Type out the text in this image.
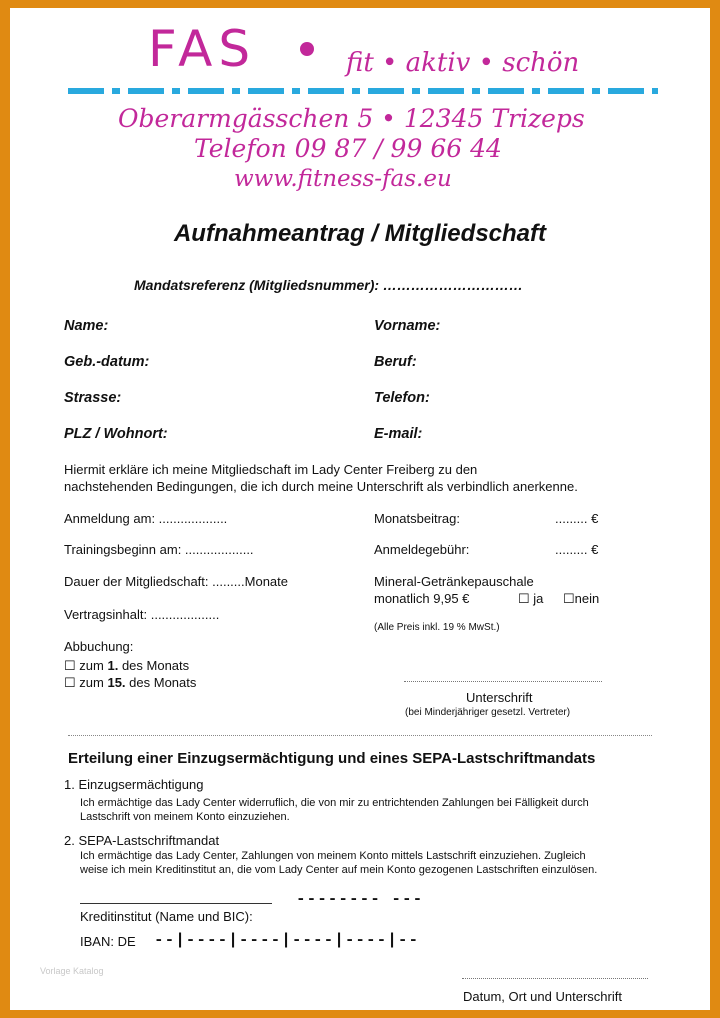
FAS	fit • aktiv • schön
Oberarmgässchen 5 • 12345 Trizeps
Telefon 09 87 / 99 66 44
www.fitness-fas.eu
Aufnahmeantrag / Mitgliedschaft
Mandatsreferenz (Mitgliedsnummer): …………………………
Name:	Vorname:
Geb.-datum:	Beruf:
Strasse:	Telefon:
PLZ / Wohnort:	E-mail:
Hiermit erkläre ich meine Mitgliedschaft im Lady Center Freiberg zu den
nachstehenden Bedingungen, die ich durch meine Unterschrift als verbindlich anerkenne.
Anmeldung am: ...................
Trainingsbeginn am: ...................
Dauer der Mitgliedschaft: .........Monate
Vertragsinhalt: ...................
Monatsbeitrag:	......... €
Anmeldegebühr:	......... €
Mineral-Getränkepauschale
monatlich 9,95 €	☐ ja ☐nein
(Alle Preis inkl. 19 % MwSt.)
Abbuchung:
☐ zum 1. des Monats
☐ zum 15. des Monats
Unterschrift
(bei Minderjähriger gesetzl. Vertreter)
Erteilung einer Einzugsermächtigung und eines SEPA-Lastschriftmandats
1. Einzugsermächtigung
Ich ermächtige das Lady Center widerruflich, die von mir zu entrichtenden Zahlungen bei Fälligkeit durch
Lastschrift von meinem Konto einzuziehen.
2. SEPA-Lastschriftmandat
Ich ermächtige das Lady Center, Zahlungen von meinem Konto mittels Lastschrift einzuziehen. Zugleich
weise ich mein Kreditinstitut an, die vom Lady Center auf mein Konto gezogenen Lastschriften einzulösen.
-------- ---
Kreditinstitut (Name und BIC):
IBAN: DE --|----|----|----|----|--
Vorlage Katalog
Datum, Ort und Unterschrift
